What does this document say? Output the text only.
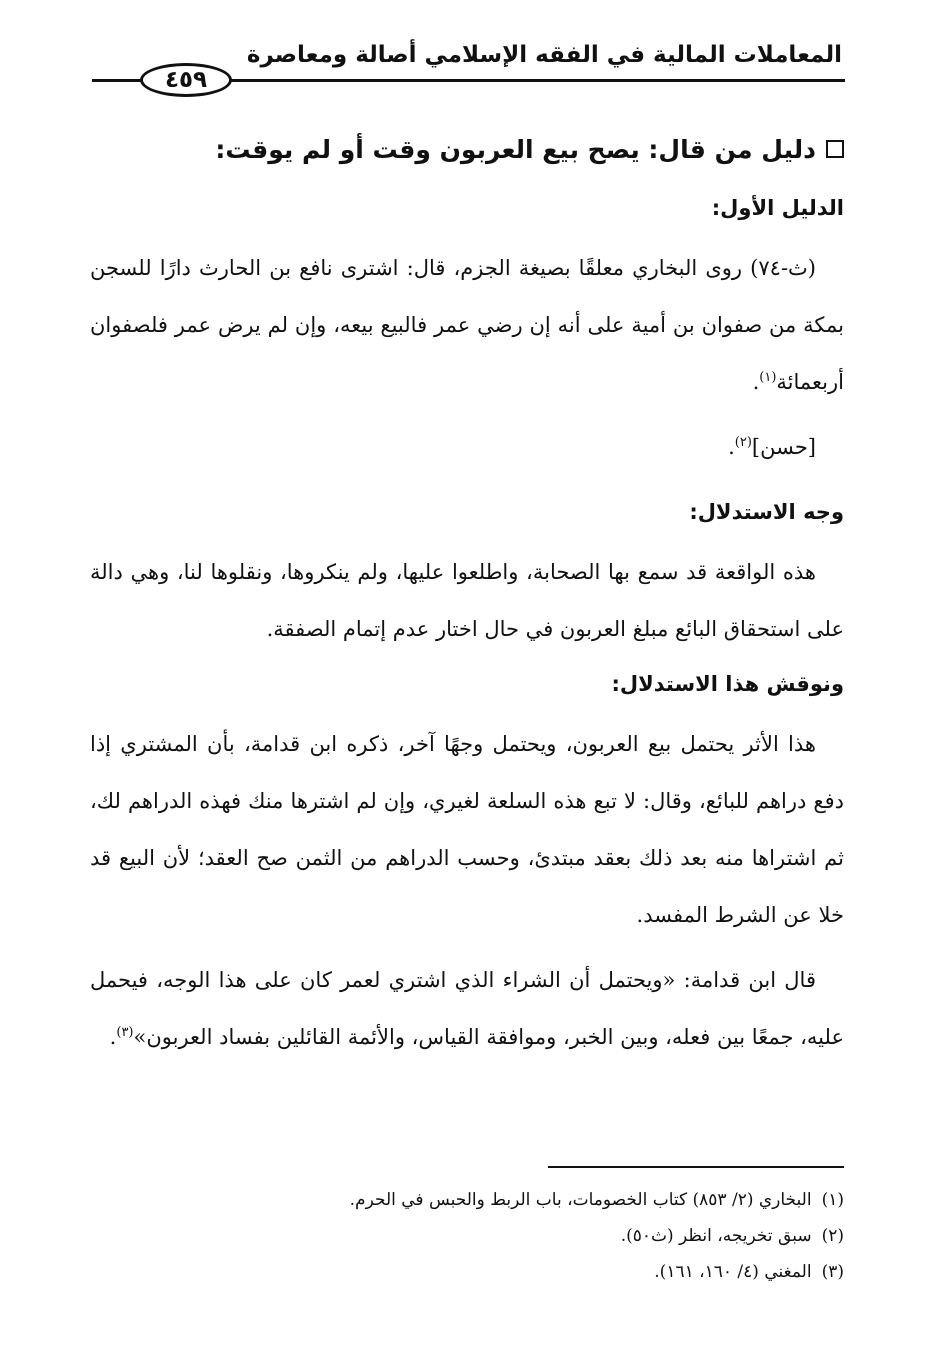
المعاملات المالية في الفقه الإسلامي أصالة ومعاصرة
٤٥٩
دليل من قال: يصح بيع العربون وقت أو لم يوقت:
الدليل الأول:

(ث-٧٤) روى البخاري معلقًا بصيغة الجزم، قال: اشترى نافع بن الحارث دارًا للسجن بمكة من صفوان بن أمية على أنه إن رضي عمر فالبيع بيعه، وإن لم يرض عمر فلصفوان أربعمائة$^{(١)}$.

[حسن]$^{(٢)}$.

وجه الاستدلال:

هذه الواقعة قد سمع بها الصحابة، واطلعوا عليها، ولم ينكروها، ونقلوها لنا، وهي دالة على استحقاق البائع مبلغ العربون في حال اختار عدم إتمام الصفقة.

ونوقش هذا الاستدلال:

هذا الأثر يحتمل بيع العربون، ويحتمل وجهًا آخر، ذكره ابن قدامة، بأن المشتري إذا دفع دراهم للبائع، وقال: لا تبع هذه السلعة لغيري، وإن لم اشترها منك فهذه الدراهم لك، ثم اشتراها منه بعد ذلك بعقد مبتدئ، وحسب الدراهم من الثمن صح العقد؛ لأن البيع قد خلا عن الشرط المفسد.

قال ابن قدامة: «ويحتمل أن الشراء الذي اشتري لعمر كان على هذا الوجه، فيحمل عليه، جمعًا بين فعله، وبين الخبر، وموافقة القياس، والأئمة القائلين بفساد العربون»$^{(٣)}$.

(١)البخاري (٢/ ٨٥٣) كتاب الخصومات، باب الربط والحبس في الحرم.

(٢)سبق تخريجه، انظر (ث٥٠).

(٣)المغني (٤/ ١٦٠، ١٦١).
